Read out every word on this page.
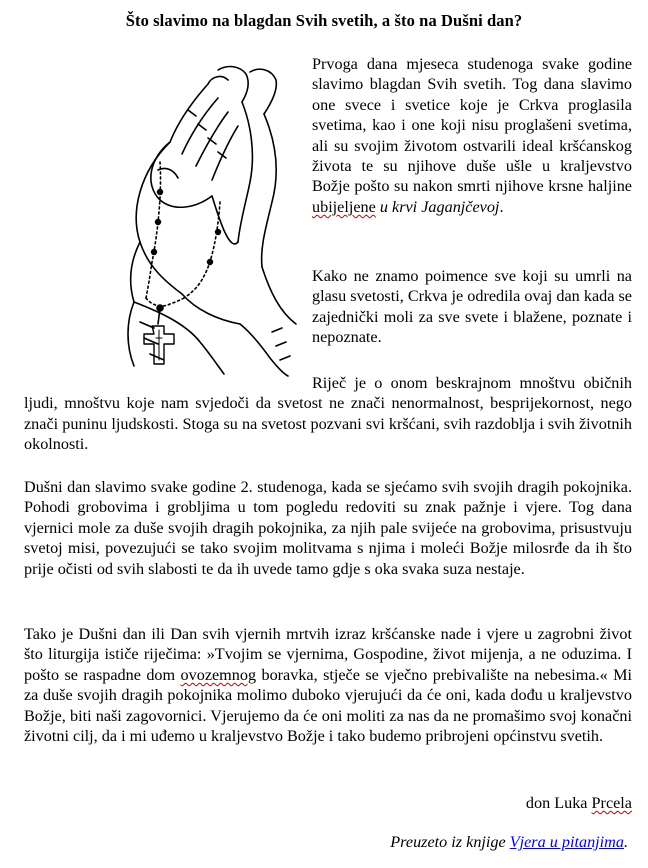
Što slavimo na blagdan Svih svetih, a što na Dušni dan?

Prvoga dana mjeseca studenoga svake godine slavimo blagdan Svih svetih. Tog dana slavimo one svece i svetice koje je Crkva proglasila svetima, kao i one koji nisu proglašeni svetima, ali su svojim životom ostvarili ideal kršćanskog života te su njihove duše ušle u kraljevstvo Božje pošto su nakon smrti njihove krsne haljine ubijeljene u krvi Jaganjčevoj.

Kako ne znamo poimence sve koji su umrli na glasu svetosti, Crkva je odredila ovaj dan kada se zajednički moli za sve svete i blažene, poznate i nepoznate.

Riječ je o onom beskrajnom mnoštvu običnih ljudi, mnoštvu koje nam svjedoči da svetost ne znači nenormalnost, besprijekornost, nego znači puninu ljudskosti. Stoga su na svetost pozvani svi kršćani, svih razdoblja i svih životnih okolnosti.

Dušni dan slavimo svake godine 2. studenoga, kada se sjećamo svih svojih dragih pokojnika. Pohodi grobovima i grobljima u tom pogledu redoviti su znak pažnje i vjere. Tog dana vjernici mole za duše svojih dragih pokojnika, za njih pale svijeće na grobovima, prisustvuju svetoj misi, povezujući se tako svojim molitvama s njima i moleći Božje milosrđe da ih što prije očisti od svih slabosti te da ih uvede tamo gdje s oka svaka suza nestaje.

Tako je Dušni dan ili Dan svih vjernih mrtvih izraz kršćanske nade i vjere u zagrobni život što liturgija ističe riječima: »Tvojim se vjernima, Gospodine, život mijenja, a ne oduzima. I pošto se raspadne dom ovozemnog boravka, stječe se vječno prebivalište na nebesima.« Mi za duše svojih dragih pokojnika molimo duboko vjerujući da će oni, kada dođu u kraljevstvo Božje, biti naši zagovornici. Vjerujemo da će oni moliti za nas da ne promašimo svoj konačni životni cilj, da i mi uđemo u kraljevstvo Božje i tako budemo pribrojeni općinstvu svetih.

don Luka Prcela
Preuzeto iz knjige Vjera u pitanjima.
